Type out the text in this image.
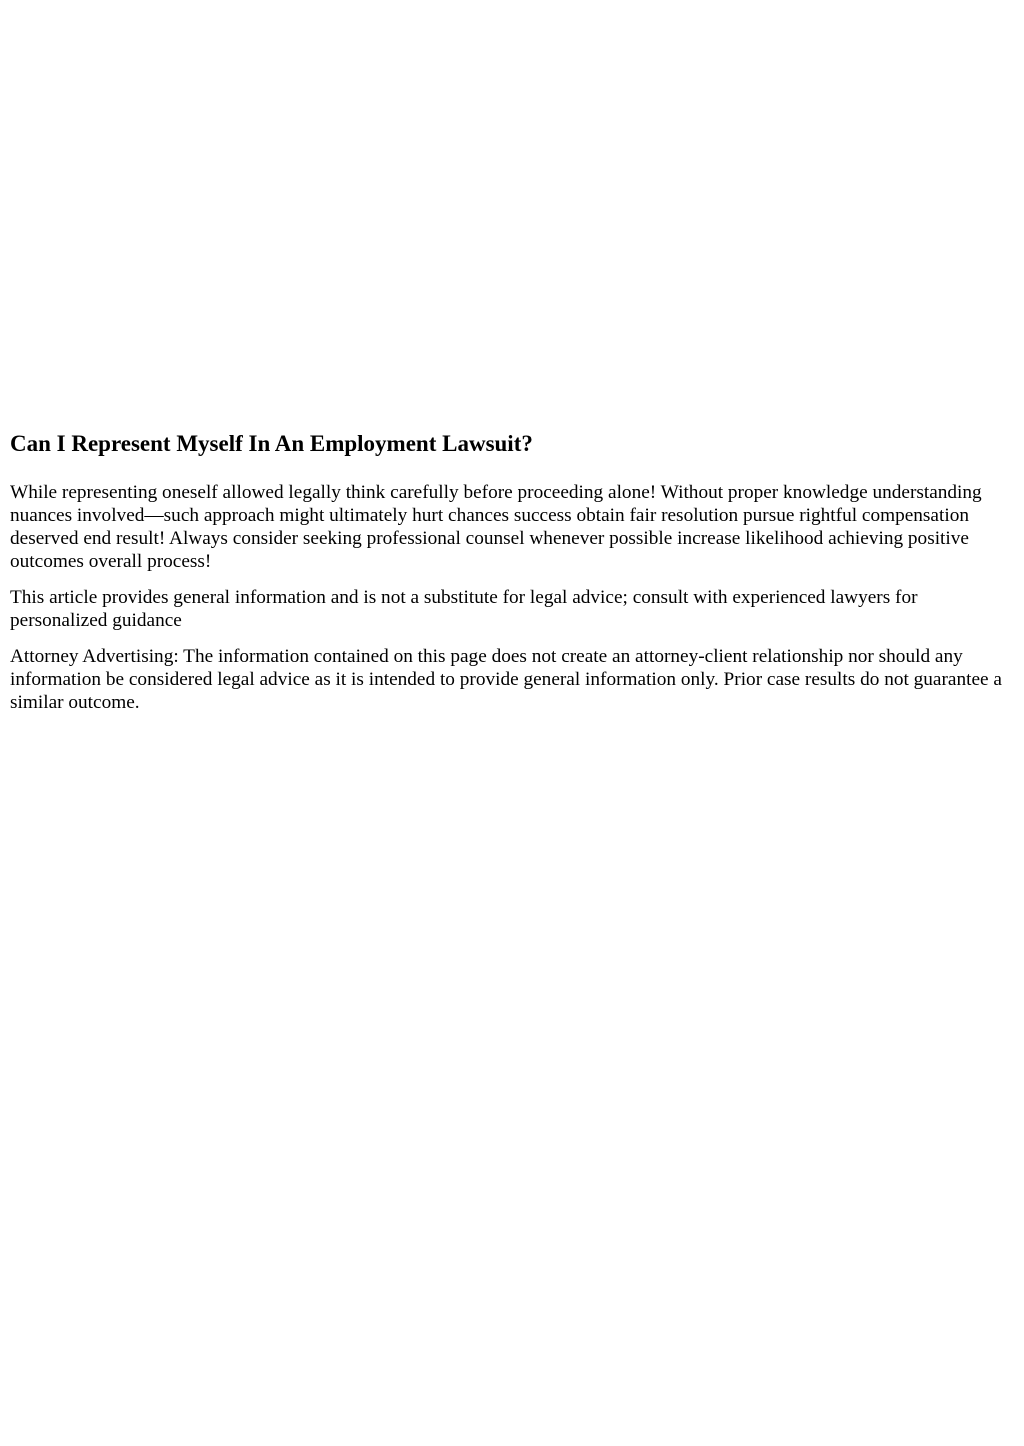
Can I Represent Myself In An Employment Lawsuit?

While representing oneself allowed legally think carefully before proceeding alone! Without proper knowledge understanding nuances involved—such approach might ultimately hurt chances success obtain fair resolution pursue rightful compensation deserved end result! Always consider seeking professional counsel whenever possible increase likelihood achieving positive outcomes overall process!

This article provides general information and is not a substitute for legal advice; consult with experienced lawyers for personalized guidance

Attorney Advertising: The information contained on this page does not create an attorney-client relationship nor should any information be considered legal advice as it is intended to provide general information only. Prior case results do not guarantee a similar outcome.
